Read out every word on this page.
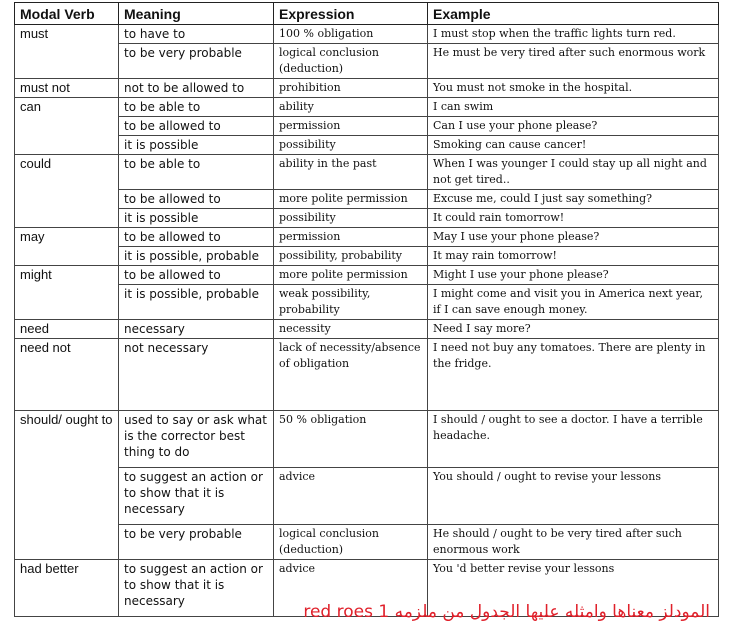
Modal Verb	Meaning	Expression	Example
must	to have to	100 % obligation	I must stop when the traffic lights turn red.
	to be very probable	logical conclusion (deduction)	He must be very tired after such enormous work
must not	not to be allowed to	prohibition	You must not smoke in the hospital.
can	to be able to	ability	I can swim
	to be allowed to	permission	Can I use your phone please?
	it is possible	possibility	Smoking can cause cancer!
could	to be able to	ability in the past	When I was younger I could stay up all night and not get tired..
	to be allowed to	more polite permission	Excuse me, could I just say something?
	it is possible	possibility	It could rain tomorrow!
may	to be allowed to	permission	May I use your phone please?
	it is possible, probable	possibility, probability	It may rain tomorrow!
might	to be allowed to	more polite permission	Might I use your phone please?
	it is possible, probable	weak possibility, probability	I might come and visit you in America next year, if I can save enough money.
need	necessary	necessity	Need I say more?
need not	not necessary	lack of necessity/absence of obligation	I need not buy any tomatoes. There are plenty in the fridge.
should/ ought to	used to say or ask what is the corrector best thing to do	50 % obligation	I should / ought to see a doctor. I have a terrible headache.
	to suggest an action or to show that it is necessary	advice	You should / ought to revise your lessons
	to be very probable	logical conclusion (deduction)	He should / ought to be very tired after such enormous work
had better	to suggest an action or to show that it is necessary	advice	You 'd better revise your lessons
المودلز معناها وامثله عليها الجدول من ملزمه red roes 1
